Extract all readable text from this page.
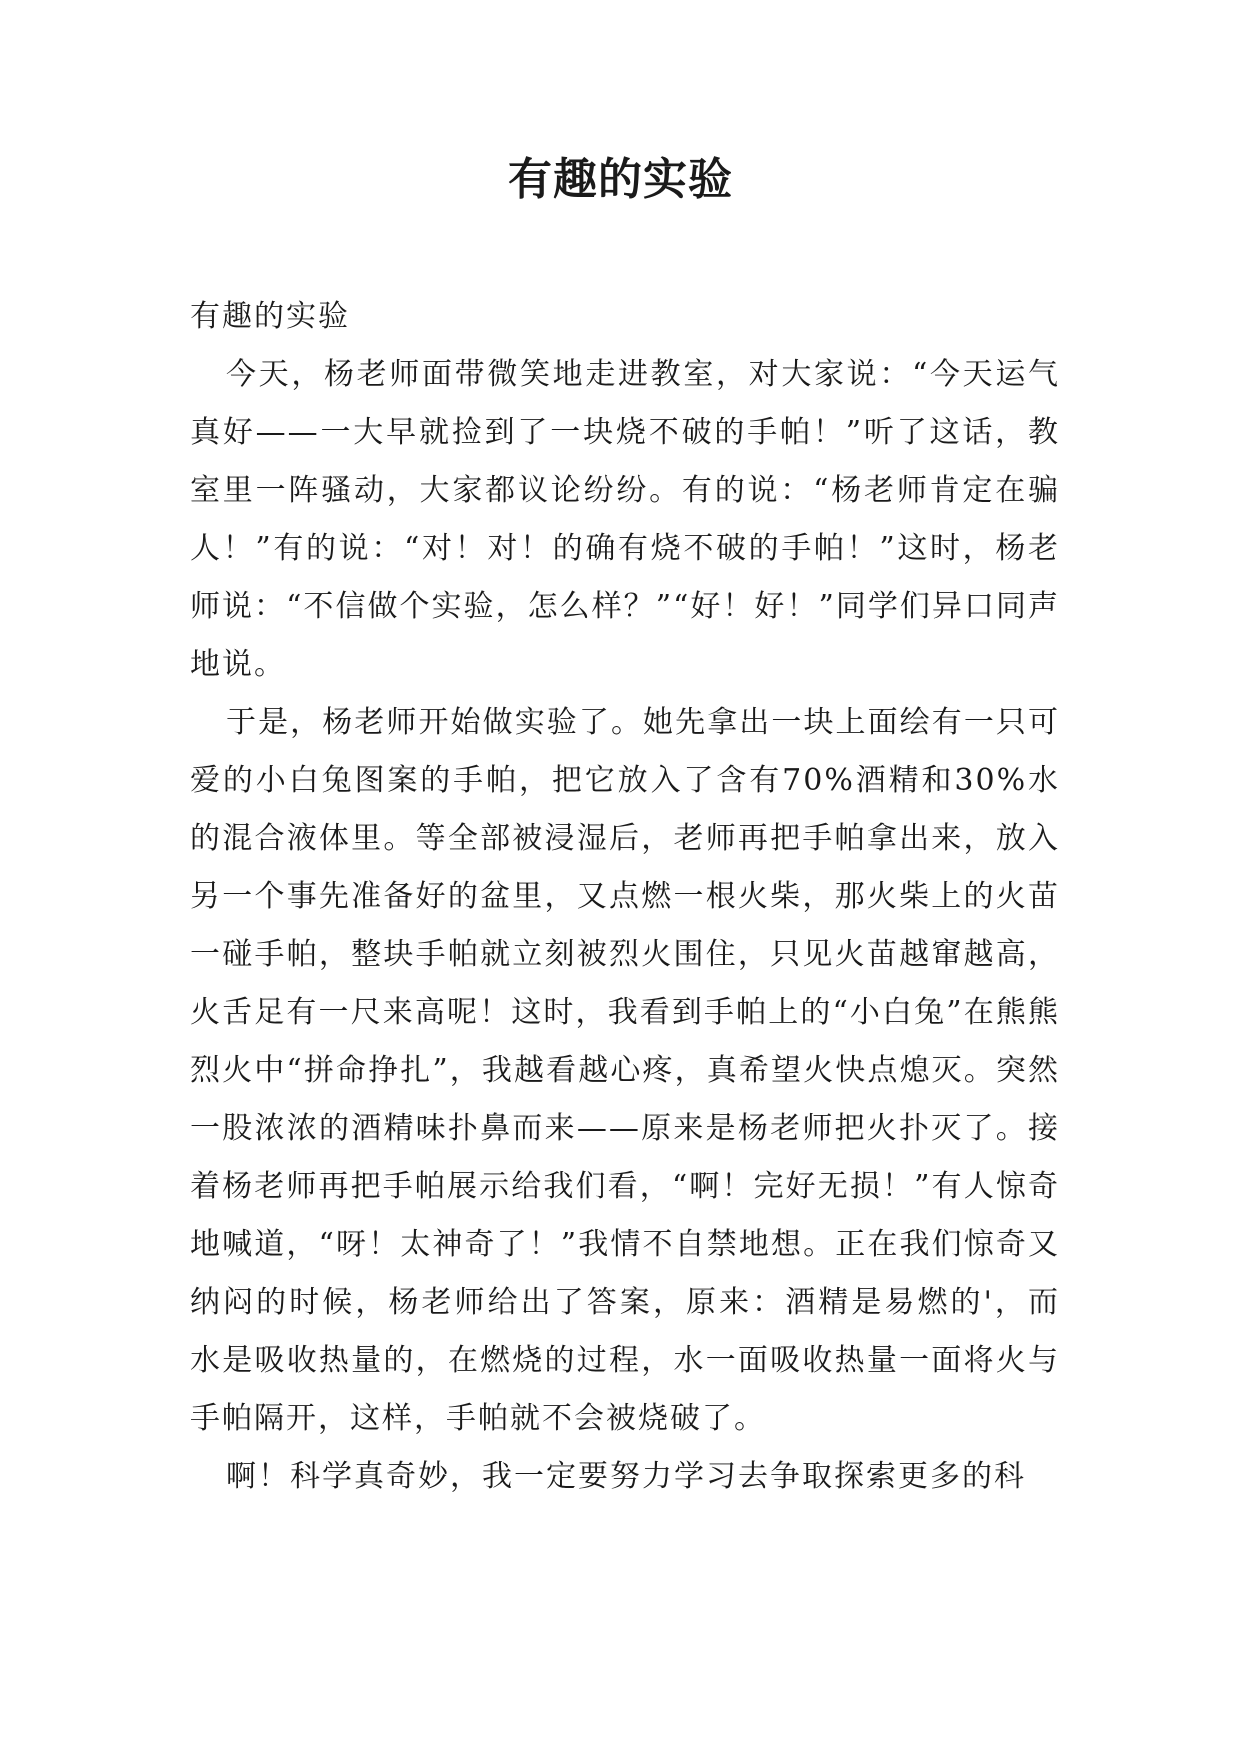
有趣的实验

有趣的实验

今天，杨老师面带微笑地走进教室，对大家说：“今天运气真好——一大早就捡到了一块烧不破的手帕！”听了这话，教室里一阵骚动，大家都议论纷纷。有的说：“杨老师肯定在骗人！”有的说：“对！对！的确有烧不破的手帕！”这时，杨老师说：“不信做个实验，怎么样？”“好！好！”同学们异口同声地说。

于是，杨老师开始做实验了。她先拿出一块上面绘有一只可爱的小白兔图案的手帕，把它放入了含有70%酒精和30%水的混合液体里。等全部被浸湿后，老师再把手帕拿出来，放入另一个事先准备好的盆里，又点燃一根火柴，那火柴上的火苗一碰手帕，整块手帕就立刻被烈火围住，只见火苗越窜越高，火舌足有一尺来高呢！这时，我看到手帕上的“小白兔”在熊熊烈火中“拼命挣扎”，我越看越心疼，真希望火快点熄灭。突然一股浓浓的酒精味扑鼻而来——原来是杨老师把火扑灭了。接着杨老师再把手帕展示给我们看，“啊！完好无损！”有人惊奇地喊道，“呀！太神奇了！”我情不自禁地想。正在我们惊奇又纳闷的时候，杨老师给出了答案，原来：酒精是易燃的'，而水是吸收热量的，在燃烧的过程，水一面吸收热量一面将火与手帕隔开，这样，手帕就不会被烧破了。

啊！科学真奇妙，我一定要努力学习去争取探索更多的科
